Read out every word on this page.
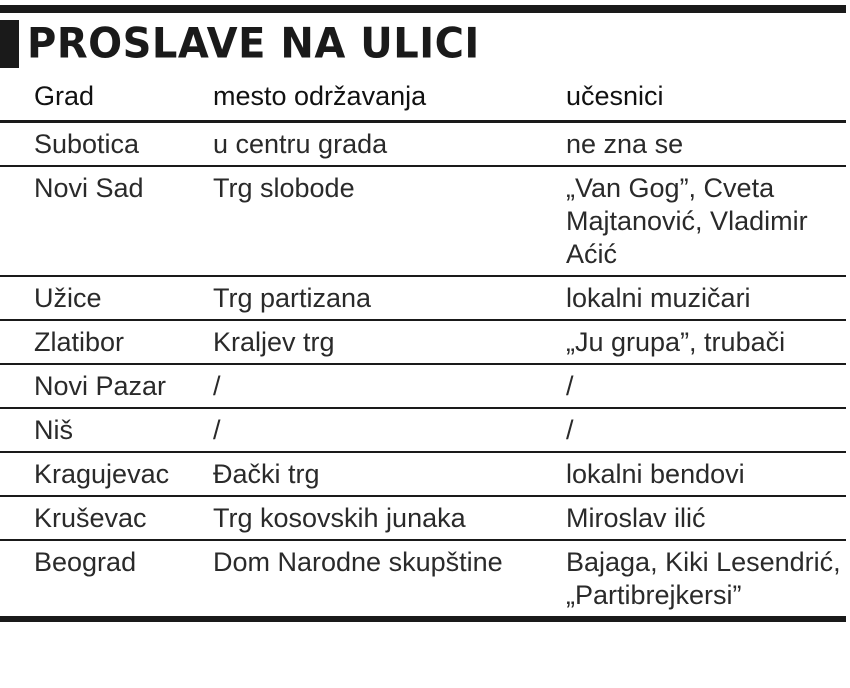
PROSLAVE NA ULICI
Grad	mesto održavanja	učesnici
Subotica	u centru grada	ne zna se
Novi Sad	Trg slobode	„Van Gog”, Cveta Majtanović, Vladimir Aćić
Užice	Trg partizana	lokalni muzičari
Zlatibor	Kraljev trg	„Ju grupa”, trubači
Novi Pazar	/	/
Niš	/	/
Kragujevac	Đački trg	lokalni bendovi
Kruševac	Trg kosovskih junaka	Miroslav ilić
Beograd	Dom Narodne skupštine	Bajaga, Kiki Lesendrić, „Partibrejkersi”
